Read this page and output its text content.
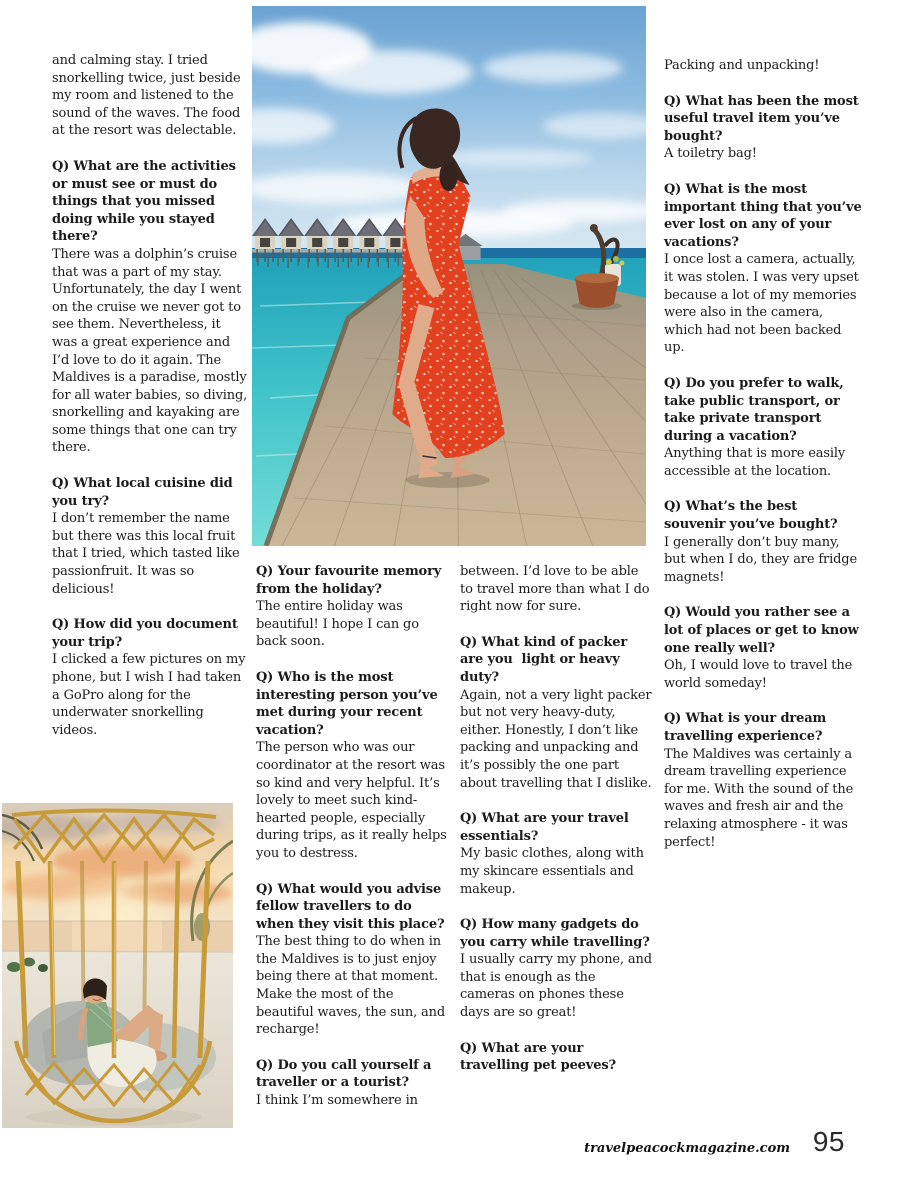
and calming stay. I tried snorkelling twice, just beside my room and listened to the sound of the waves. The food at the resort was delectable.

Q) What are the activities or must see or must do things that you missed doing while you stayed there?

There was a dolphin’s cruise that was a part of my stay. Unfortunately, the day I went on the cruise we never got to see them. Nevertheless, it was a great experience and I’d love to do it again. The Maldives is a paradise, mostly for all water babies, so diving, snorkelling and kayaking are some things that one can try there.

Q) What local cuisine did you try?

I don’t remember the name but there was this local fruit that I tried, which tasted like passionfruit. It was so delicious!

Q) How did you document your trip?

I clicked a few pictures on my phone, but I wish I had taken a GoPro along for the underwater snorkelling videos.

Q) Your favourite memory from the holiday?

The entire holiday was beautiful! I hope I can go back soon.

Q) Who is the most interesting person you’ve met during your recent vacation?

The person who was our coordinator at the resort was so kind and very helpful. It’s lovely to meet such kind-hearted people, especially during trips, as it really helps you to destress.

Q) What would you advise fellow travellers to do when they visit this place?

The best thing to do when in the Maldives is to just enjoy being there at that moment. Make the most of the beautiful waves, the sun, and recharge!

Q) Do you call yourself a traveller or a tourist?

I think I’m somewhere in

between. I’d love to be able to travel more than what I do right now for sure.

Q) What kind of packer are you  light or heavy duty?

Again, not a very light packer but not very heavy-duty, either. Honestly, I don’t like packing and unpacking and it’s possibly the one part about travelling that I dislike.

Q) What are your travel essentials?

My basic clothes, along with my skincare essentials and makeup.

Q) How many gadgets do you carry while travelling?

I usually carry my phone, and that is enough as the cameras on phones these days are so great!

Q) What are your travelling pet peeves?

Packing and unpacking!

Q) What has been the most useful travel item you’ve bought?

A toiletry bag!

Q) What is the most important thing that you’ve ever lost on any of your vacations?

I once lost a camera, actually, it was stolen. I was very upset because a lot of my memories were also in the camera, which had not been backed up.

Q) Do you prefer to walk, take public transport, or take private transport during a vacation?

Anything that is more easily accessible at the location.

Q) What’s the best souvenir you’ve bought?

I generally don’t buy many, but when I do, they are fridge magnets!

Q) Would you rather see a lot of places or get to know one really well?

Oh, I would love to travel the world someday!

Q) What is your dream travelling experience?

The Maldives was certainly a dream travelling experience for me. With the sound of the waves and fresh air and the relaxing atmosphere - it was perfect!

travelpeacockmagazine.com 95
